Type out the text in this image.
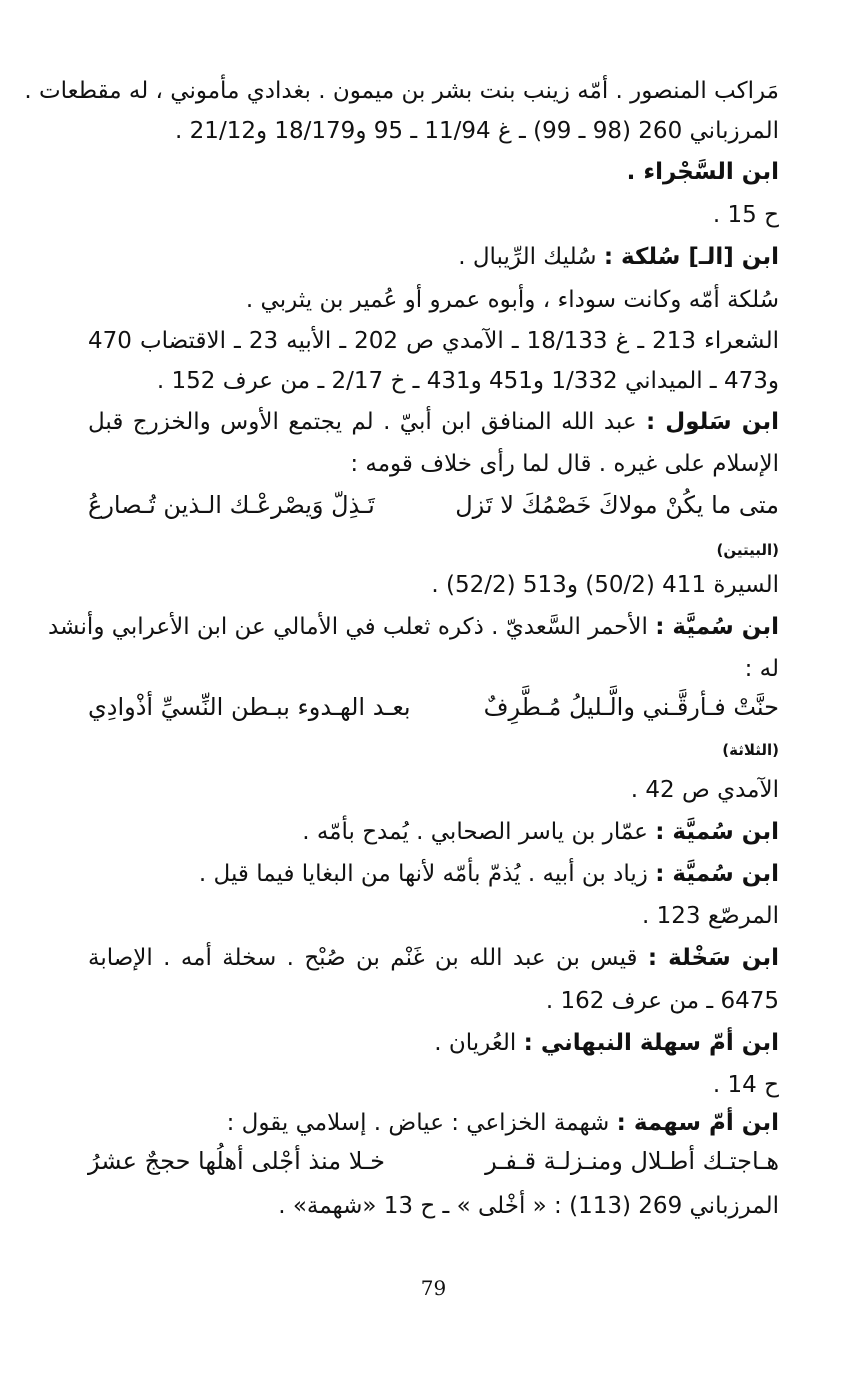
مَراكب المنصور . أمّه زينب بنت بشر بن ميمون . بغدادي مأموني ، له مقطعات .
المرزباني 260 (98 ـ 99) ـ غ 11/94 ـ 95 و18/179 و21/12 .
ابن السَّجْراء .
ح 15 .
ابن [الـ] سُلكة : سُليك الرِّيبال .
سُلكة أمّه وكانت سوداء ، وأبوه عمرو أو عُمير بن يثربي .
الشعراء 213 ـ غ 18/133 ـ الآمدي ص 202 ـ الأبيه 23 ـ الاقتضاب 470
و473 ـ الميداني 1/332 و451 و431 ـ خ 2/17 ـ من عرف 152 .
ابن سَلول : عبد الله المنافق ابن أبيّ . لم يجتمع الأوس والخزرج قبل
الإسلام على غيره . قال لما رأى خلاف قومه :
متى ما يكُنْ مولاكَ خَصْمُكَ لا تَزل
تَـذِلّ وَيصْرعْـك الـذين تُـصارعُ
(البيتين)
السيرة 411 (50/2) و513 (52/2) .
ابن سُميَّة : الأحمر السَّعديّ . ذكره ثعلب في الأمالي عن ابن الأعرابي وأنشد
له :
حنَّتْ فـأرقَّـني والَّـليلُ مُـطَّرِفٌ
بعـد الهـدوء ببـطن النِّسيِّ أذْوادِي
(الثلاثة)
الآمدي ص 42 .
ابن سُميَّة : عمّار بن ياسر الصحابي . يُمدح بأمّه .
ابن سُميَّة : زياد بن أبيه . يُذمّ بأمّه لأنها من البغايا فيما قيل .
المرصّع 123 .
ابن سَخْلة : قيس بن عبد الله بن غَنْم بن صُبْح . سخلة أمه . الإصابة
6475 ـ من عرف 162 .
ابن أمّ سهلة النبهاني : العُريان .
ح 14 .
ابن أمّ سهمة : شهمة الخزاعي : عياض . إسلامي يقول :
هـاجتـك أطـلال ومنـزلـة قـفـر
خـلا منذ أجْلى أهلُها حججٌ عشرُ
المرزباني 269 (113) : « أخْلى » ـ ح 13 «شهمة» .
79
